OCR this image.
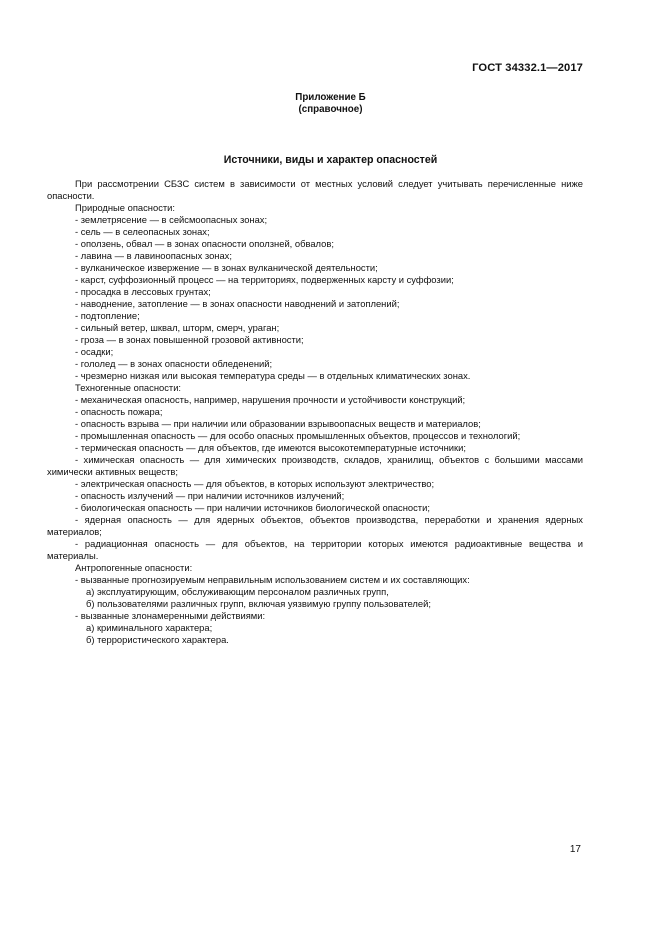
ГОСТ 34332.1—2017
Приложение Б
(справочное)
Источники, виды и характер опасностей

При рассмотрении СБЗС систем в зависимости от местных условий следует учитывать перечисленные ниже опасности.

Природные опасности:

- землетрясение — в сейсмоопасных зонах;

- сель — в селеопасных зонах;

- оползень, обвал — в зонах опасности оползней, обвалов;

- лавина — в лавиноопасных зонах;

- вулканическое извержение — в зонах вулканической деятельности;

- карст, суффозионный процесс — на территориях, подверженных карсту и суффозии;

- просадка в лессовых грунтах;

- наводнение, затопление — в зонах опасности наводнений и затоплений;

- подтопление;

- сильный ветер, шквал, шторм, смерч, ураган;

- гроза — в зонах повышенной грозовой активности;

- осадки;

- гололед — в зонах опасности обледенений;

- чрезмерно низкая или высокая температура среды — в отдельных климатических зонах.

Техногенные опасности:

- механическая опасность, например, нарушения прочности и устойчивости конструкций;

- опасность пожара;

- опасность взрыва — при наличии или образовании взрывоопасных веществ и материалов;

- промышленная опасность — для особо опасных промышленных объектов, процессов и технологий;

- термическая опасность — для объектов, где имеются высокотемпературные источники;

- химическая опасность — для химических производств, складов, хранилищ, объектов с большими массами химически активных веществ;

- электрическая опасность — для объектов, в которых используют электричество;

- опасность излучений — при наличии источников излучений;

- биологическая опасность — при наличии источников биологической опасности;

- ядерная опасность — для ядерных объектов, объектов производства, переработки и хранения ядерных материалов;

- радиационная опасность — для объектов, на территории которых имеются радиоактивные вещества и материалы.

Антропогенные опасности:

- вызванные прогнозируемым неправильным использованием систем и их составляющих:

а) эксплуатирующим, обслуживающим персоналом различных групп,

б) пользователями различных групп, включая уязвимую группу пользователей;

- вызванные злонамеренными действиями:

а) криминального характера;

б) террористического характера.

17
